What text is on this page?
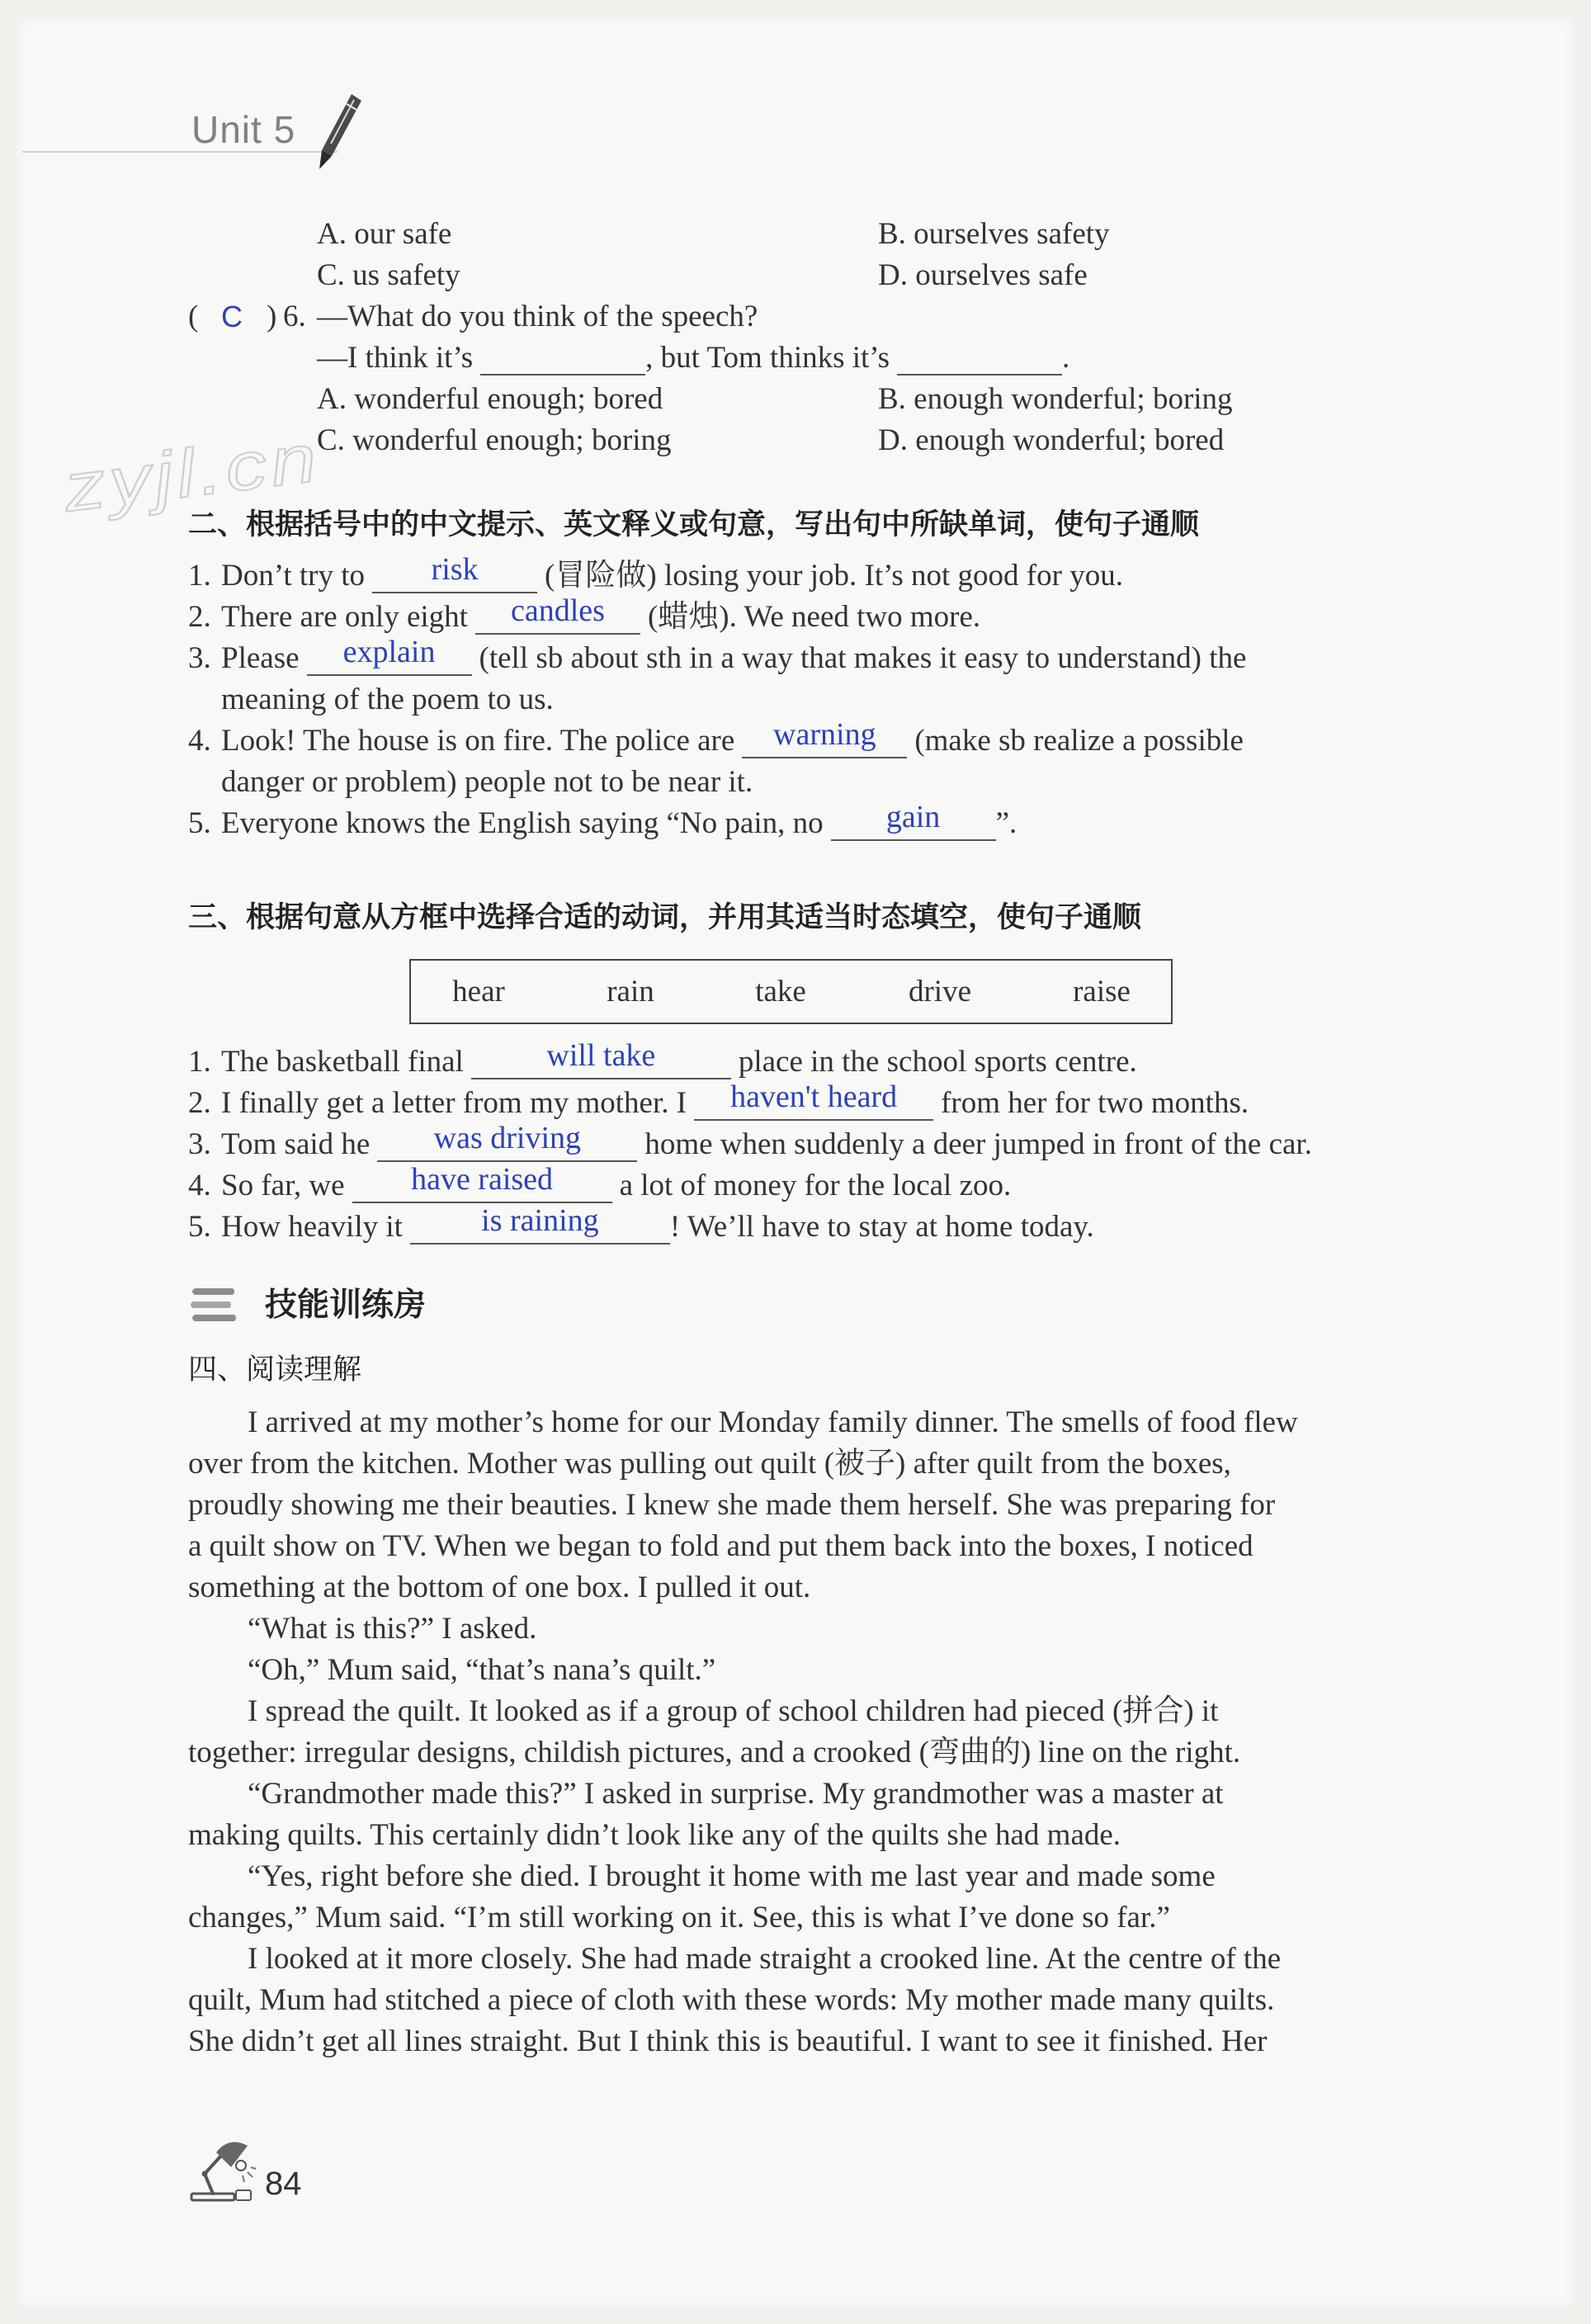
Unit 5
zyjl.cn
A. our safe	B. ourselves safety
C. us safety	D. ourselves safe
( C ) 6. —What do you think of the speech?
—I think it’s	, but Tom thinks it’s	.
A. wonderful enough; bored	B. enough wonderful; boring
C. wonderful enough; boring	D. enough wonderful; bored
二、根据括号中的中文提示、英文释义或句意，写出句中所缺单词，使句子通顺
1. Don’t try to	risk	(冒险做) losing your job. It’s not good for you.
2. There are only eight	candles	(蜡烛). We need two more.
3. Please	explain	(tell sb about sth in a way that makes it easy to understand) the
meaning of the poem to us.
4. Look! The house is on fire. The police are	warning	(make sb realize a possible
danger or problem) people not to be near it.
5. Everyone knows the English saying “No pain, no	gain	”.
三、根据句意从方框中选择合适的动词，并用其适当时态填空，使句子通顺
hear	rain	take	drive	raise
1. The basketball final	will take	place in the school sports centre.
2. I finally get a letter from my mother. I	haven't heard	from her for two months.
3. Tom said he	was driving	home when suddenly a deer jumped in front of the car.
4. So far, we	have raised	a lot of money for the local zoo.
5. How heavily it	is raining	! We’ll have to stay at home today.
技能训练房
四、阅读理解
I arrived at my mother’s home for our Monday family dinner. The smells of food flew
over from the kitchen. Mother was pulling out quilt (被子) after quilt from the boxes,
proudly showing me their beauties. I knew she made them herself. She was preparing for
a quilt show on TV. When we began to fold and put them back into the boxes, I noticed
something at the bottom of one box. I pulled it out.
“What is this?” I asked.
“Oh,” Mum said, “that’s nana’s quilt.”
I spread the quilt. It looked as if a group of school children had pieced (拼合) it
together: irregular designs, childish pictures, and a crooked (弯曲的) line on the right.
“Grandmother made this?” I asked in surprise. My grandmother was a master at
making quilts. This certainly didn’t look like any of the quilts she had made.
“Yes, right before she died. I brought it home with me last year and made some
changes,” Mum said. “I’m still working on it. See, this is what I’ve done so far.”
I looked at it more closely. She had made straight a crooked line. At the centre of the
quilt, Mum had stitched a piece of cloth with these words: My mother made many quilts.
She didn’t get all lines straight. But I think this is beautiful. I want to see it finished. Her
84
